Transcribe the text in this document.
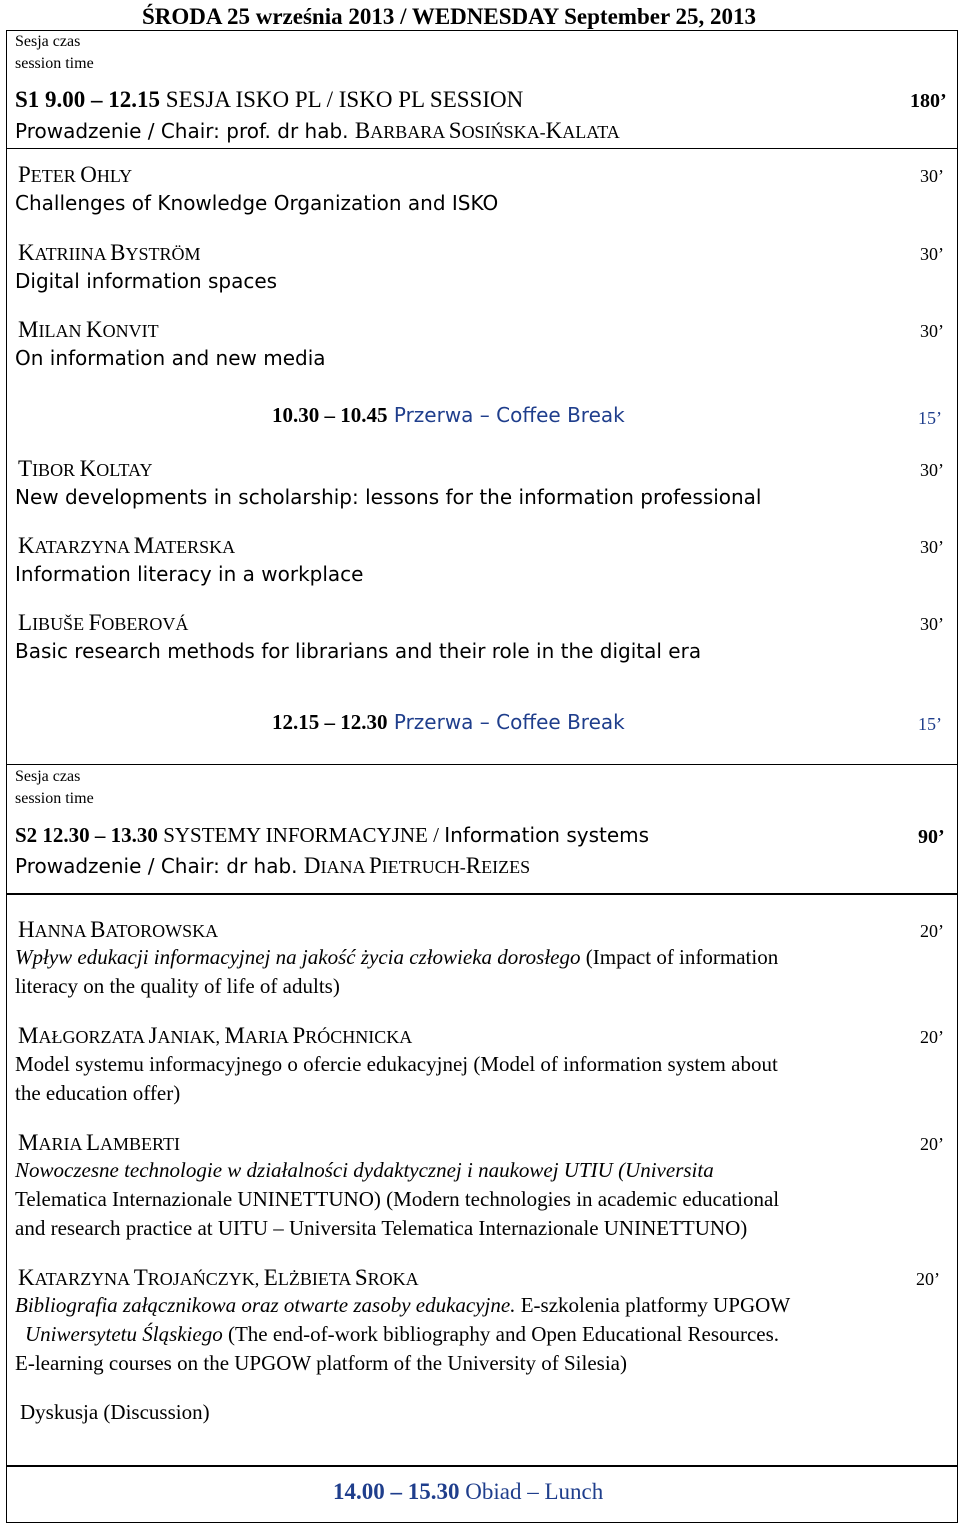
ŚRODA 25 września 2013 / WEDNESDAY September 25, 2013
Sesja czas
session time
S1 9.00 – 12.15 SESJA ISKO PL / ISKO PL SESSION	180’
Prowadzenie / Chair: prof. dr hab. BARBARA SOSIŃSKA-KALATA
PETER OHLY	30’
Challenges of Knowledge Organization and ISKO
KATRIINA BYSTRÖM	30’
Digital information spaces
MILAN KONVIT	30’
On information and new media
10.30 – 10.45 Przerwa – Coffee Break	15’
TIBOR KOLTAY	30’
New developments in scholarship: lessons for the information professional
KATARZYNA MATERSKA	30’
Information literacy in a workplace
LIBUŠE FOBEROVÁ	30’
Basic research methods for librarians and their role in the digital era
12.15 – 12.30 Przerwa – Coffee Break	15’
Sesja czas
session time
S2 12.30 – 13.30 SYSTEMY INFORMACYJNE / Information systems	90’
Prowadzenie / Chair: dr hab. DIANA PIETRUCH-REIZES
HANNA BATOROWSKA	20’
Wpływ edukacji informacyjnej na jakość życia człowieka dorosłego (Impact of information
literacy on the quality of life of adults)
MAŁGORZATA JANIAK, MARIA PRÓCHNICKA	20’
Model systemu informacyjnego o ofercie edukacyjnej (Model of information system about
the education offer)
MARIA LAMBERTI	20’
Nowoczesne technologie w działalności dydaktycznej i naukowej UTIU (Universita
Telematica Internazionale UNINETTUNO) (Modern technologies in academic educational
and research practice at UITU – Universita Telematica Internazionale UNINETTUNO)
KATARZYNA TROJAŃCZYK, ELŻBIETA SROKA	20’
Bibliografia załącznikowa oraz otwarte zasoby edukacyjne. E-szkolenia platformy UPGOW
Uniwersytetu Śląskiego (The end-of-work bibliography and Open Educational Resources.
E-learning courses on the UPGOW platform of the University of Silesia)
Dyskusja (Discussion)
14.00 – 15.30 Obiad – Lunch
